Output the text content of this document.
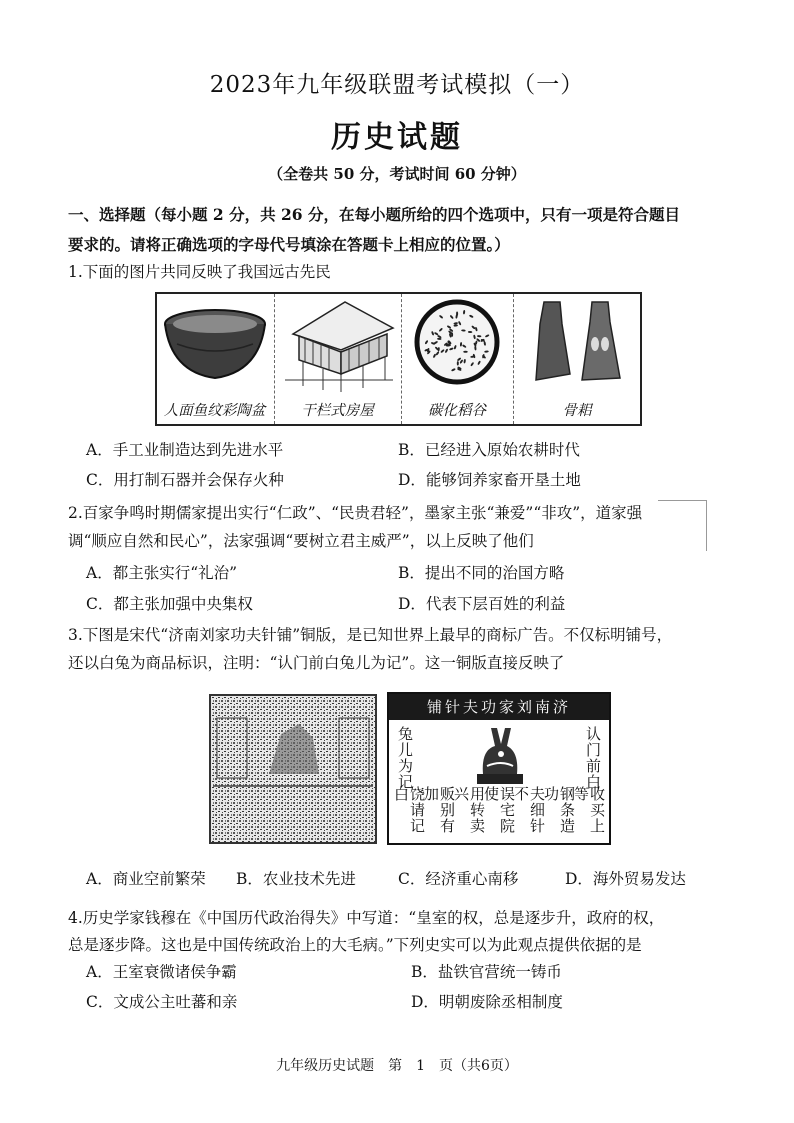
2023年九年级联盟考试模拟（一）
历史试题
（全卷共 50 分，考试时间 60 分钟）
一、选择题（每小题 2 分，共 26 分，在每小题所给的四个选项中，只有一项是符合题目
要求的。请将正确选项的字母代号填涂在答题卡上相应的位置。）
1.下面的图片共同反映了我国远古先民
人面鱼纹彩陶盆	干栏式房屋	碳化稻谷	骨耜
A．手工业制造达到先进水平	B．已经进入原始农耕时代
C．用打制石器并会保存火种	D．能够饲养家畜开垦土地
2.百家争鸣时期儒家提出实行“仁政”、“民贵君轻”，墨家主张“兼爱”“非攻”，道家强
调“顺应自然和民心”，法家强调“要树立君主威严”，以上反映了他们
A．都主张实行“礼治”	B．提出不同的治国方略
C．都主张加强中央集权	D．代表下层百姓的利益
3.下图是宋代“济南刘家功夫针铺”铜版，是已知世界上最早的商标广告。不仅标明铺号，
还以白兔为商品标识，注明：“认门前白兔儿为记”。这一铜版直接反映了
铺针夫功家刘南济
兔儿为记	认门前白
收买上等
钢条造功
夫细针不
误宅院使
用转卖兴
贩别有加
饶请记白
A．商业空前繁荣 B．农业技术先进	C．经济重心南移	D．海外贸易发达
4.历史学家钱穆在《中国历代政治得失》中写道：“皇室的权，总是逐步升，政府的权，
总是逐步降。这也是中国传统政治上的大毛病。”下列史实可以为此观点提供依据的是
A．王室衰微诸侯争霸	B．盐铁官营统一铸币
C．文成公主吐蕃和亲	D．明朝废除丞相制度
九年级历史试题　第　1　页（共6页）
